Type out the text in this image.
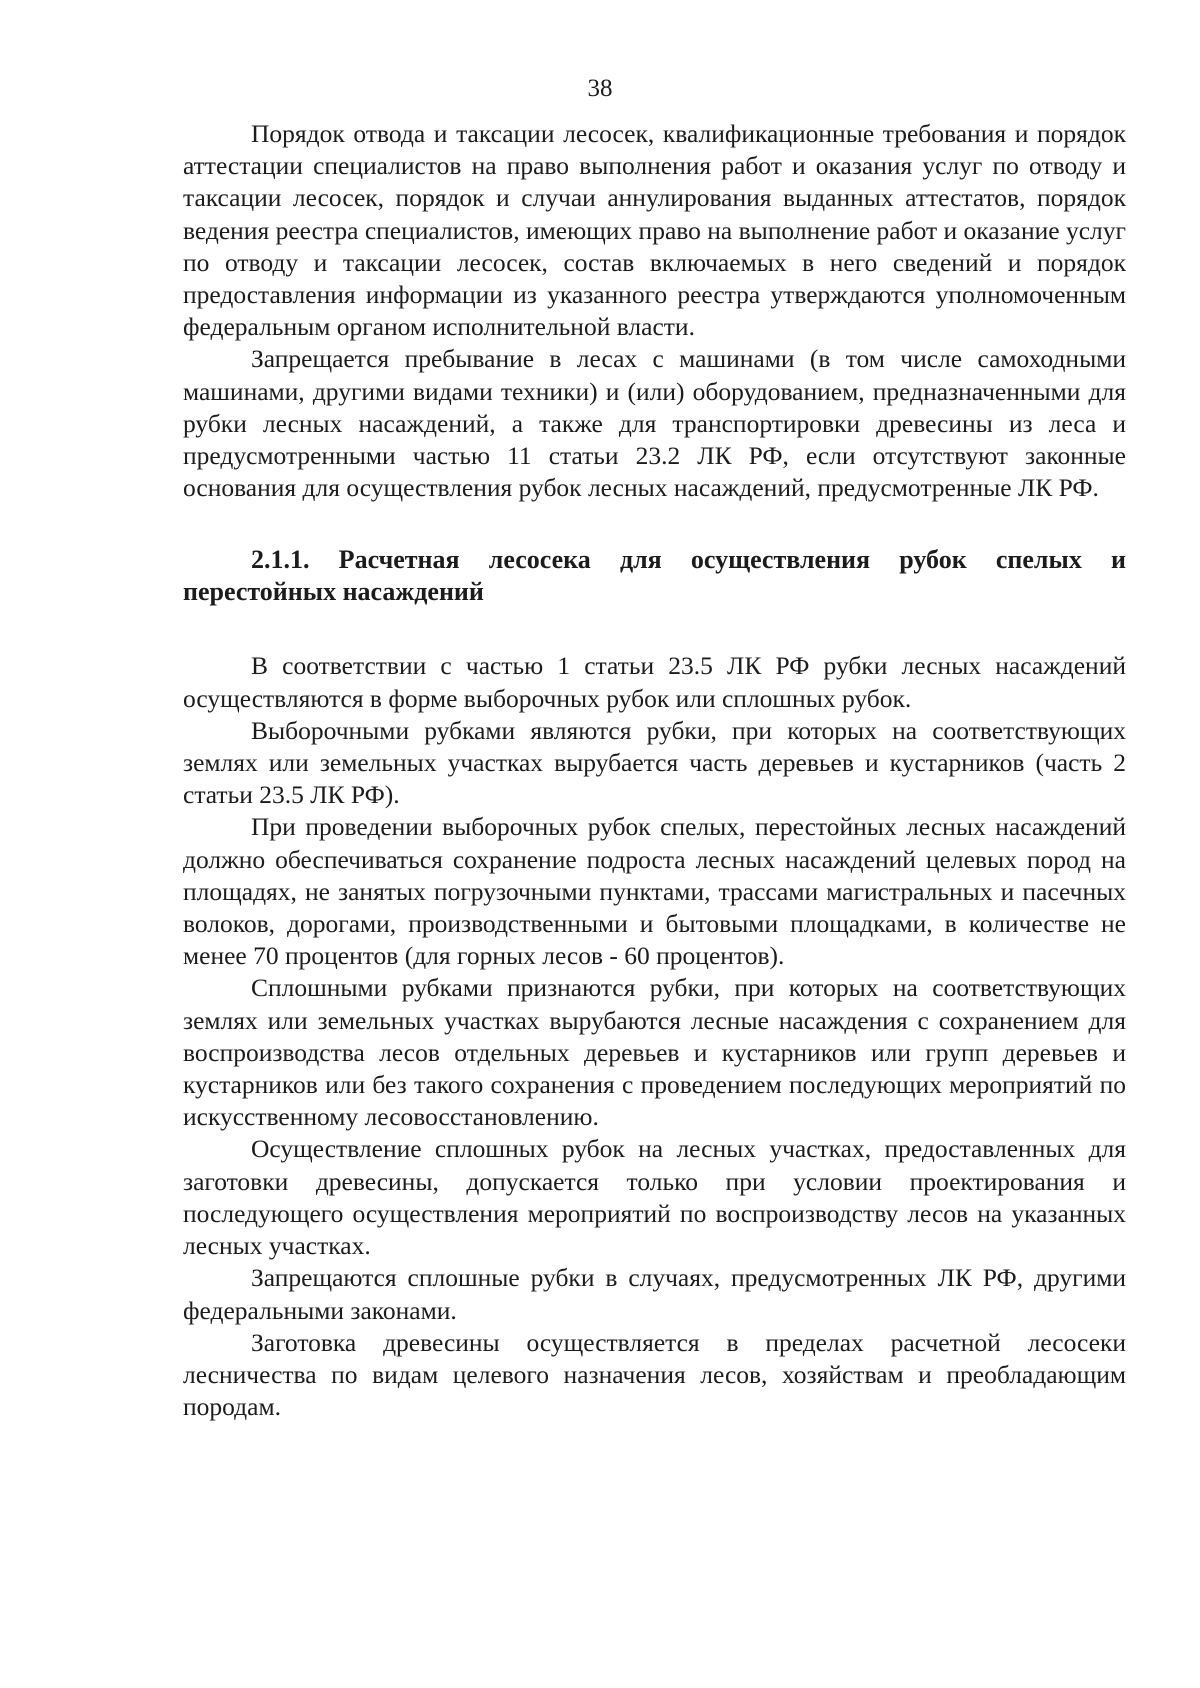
38

Порядок отвода и таксации лесосек, квалификационные требования и порядок аттестации специалистов на право выполнения работ и оказания услуг по отводу и таксации лесосек, порядок и случаи аннулирования выданных аттестатов, порядок ведения реестра специалистов, имеющих право на выполнение работ и оказание услуг по отводу и таксации лесосек, состав включаемых в него сведений и порядок предоставления информации из указанного реестра утверждаются уполномоченным федеральным органом исполнительной власти.

Запрещается пребывание в лесах с машинами (в том числе самоходными машинами, другими видами техники) и (или) оборудованием, предназначенными для рубки лесных насаждений, а также для транспортировки древесины из леса и предусмотренными частью 11 статьи 23.2 ЛК РФ, если отсутствуют законные основания для осуществления рубок лесных насаждений, предусмотренные ЛК РФ.

2.1.1. Расчетная лесосека для осуществления рубок спелых и перестойных насаждений

В соответствии с частью 1 статьи 23.5 ЛК РФ рубки лесных насаждений осуществляются в форме выборочных рубок или сплошных рубок.

Выборочными рубками являются рубки, при которых на соответствующих землях или земельных участках вырубается часть деревьев и кустарников (часть 2 статьи 23.5 ЛК РФ).

При проведении выборочных рубок спелых, перестойных лесных насаждений должно обеспечиваться сохранение подроста лесных насаждений целевых пород на площадях, не занятых погрузочными пунктами, трассами магистральных и пасечных волоков, дорогами, производственными и бытовыми площадками, в количестве не менее 70 процентов (для горных лесов - 60 процентов).

Сплошными рубками признаются рубки, при которых на соответствующих землях или земельных участках вырубаются лесные насаждения с сохранением для воспроизводства лесов отдельных деревьев и кустарников или групп деревьев и кустарников или без такого сохранения с проведением последующих мероприятий по искусственному лесовосстановлению.

Осуществление сплошных рубок на лесных участках, предоставленных для заготовки древесины, допускается только при условии проектирования и последующего осуществления мероприятий по воспроизводству лесов на указанных лесных участках.

Запрещаются сплошные рубки в случаях, предусмотренных ЛК РФ, другими федеральными законами.

Заготовка древесины осуществляется в пределах расчетной лесосеки лесничества по видам целевого назначения лесов, хозяйствам и преобладающим породам.
